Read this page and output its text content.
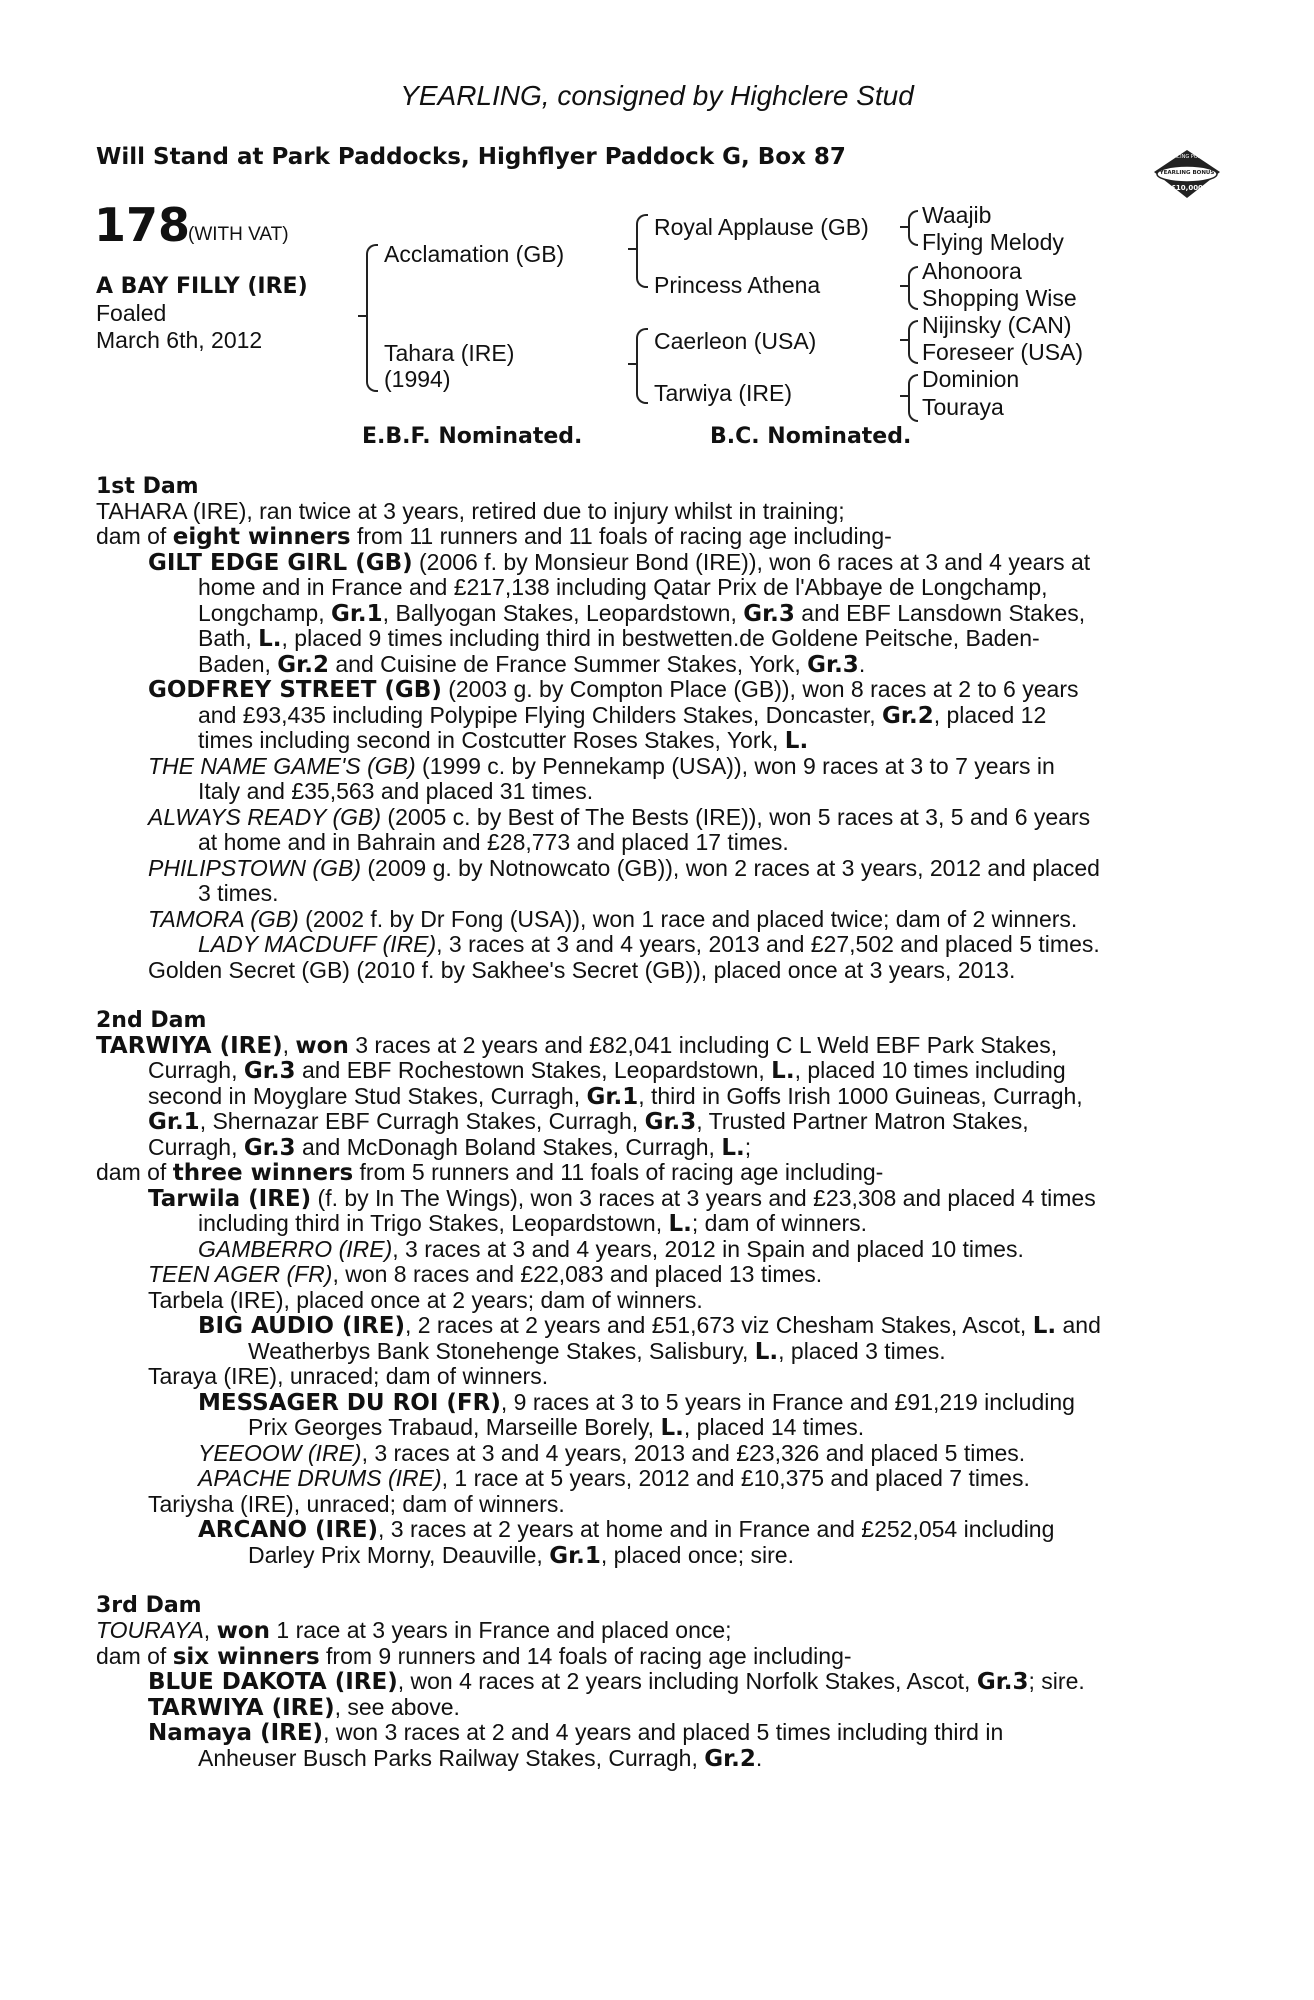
YEARLING, consigned by Highclere Stud
Will Stand at Park Paddocks, Highflyer Paddock G, Box 87	RACING POST
YEARLING BONUS
£10,000
178
(WITH VAT)
A BAY FILLY (IRE)
Foaled
March 6th, 2012
Acclamation (GB)
Tahara (IRE)
(1994)
Royal Applause (GB)
Princess Athena
Caerleon (USA)
Tarwiya (IRE)
Waajib
Flying Melody
Ahonoora
Shopping Wise
Nijinsky (CAN)
Foreseer (USA)
Dominion
Touraya
E.B.F. Nominated.	B.C. Nominated.
1st Dam
TAHARA (IRE), ran twice at 3 years, retired due to injury whilst in training;
dam of eight winners from 11 runners and 11 foals of racing age including-
GILT EDGE GIRL (GB) (2006 f. by Monsieur Bond (IRE)), won 6 races at 3 and 4 years at
home and in France and £217,138 including Qatar Prix de l'Abbaye de Longchamp,
Longchamp, Gr.1, Ballyogan Stakes, Leopardstown, Gr.3 and EBF Lansdown Stakes,
Bath, L., placed 9 times including third in bestwetten.de Goldene Peitsche, Baden-
Baden, Gr.2 and Cuisine de France Summer Stakes, York, Gr.3.
GODFREY STREET (GB) (2003 g. by Compton Place (GB)), won 8 races at 2 to 6 years
and £93,435 including Polypipe Flying Childers Stakes, Doncaster, Gr.2, placed 12
times including second in Costcutter Roses Stakes, York, L.
THE NAME GAME'S (GB) (1999 c. by Pennekamp (USA)), won 9 races at 3 to 7 years in
Italy and £35,563 and placed 31 times.
ALWAYS READY (GB) (2005 c. by Best of The Bests (IRE)), won 5 races at 3, 5 and 6 years
at home and in Bahrain and £28,773 and placed 17 times.
PHILIPSTOWN (GB) (2009 g. by Notnowcato (GB)), won 2 races at 3 years, 2012 and placed
3 times.
TAMORA (GB) (2002 f. by Dr Fong (USA)), won 1 race and placed twice; dam of 2 winners.
LADY MACDUFF (IRE), 3 races at 3 and 4 years, 2013 and £27,502 and placed 5 times.
Golden Secret (GB) (2010 f. by Sakhee's Secret (GB)), placed once at 3 years, 2013.
2nd Dam
TARWIYA (IRE), won 3 races at 2 years and £82,041 including C L Weld EBF Park Stakes,
Curragh, Gr.3 and EBF Rochestown Stakes, Leopardstown, L., placed 10 times including
second in Moyglare Stud Stakes, Curragh, Gr.1, third in Goffs Irish 1000 Guineas, Curragh,
Gr.1, Shernazar EBF Curragh Stakes, Curragh, Gr.3, Trusted Partner Matron Stakes,
Curragh, Gr.3 and McDonagh Boland Stakes, Curragh, L.;
dam of three winners from 5 runners and 11 foals of racing age including-
Tarwila (IRE) (f. by In The Wings), won 3 races at 3 years and £23,308 and placed 4 times
including third in Trigo Stakes, Leopardstown, L.; dam of winners.
GAMBERRO (IRE), 3 races at 3 and 4 years, 2012 in Spain and placed 10 times.
TEEN AGER (FR), won 8 races and £22,083 and placed 13 times.
Tarbela (IRE), placed once at 2 years; dam of winners.
BIG AUDIO (IRE), 2 races at 2 years and £51,673 viz Chesham Stakes, Ascot, L. and
Weatherbys Bank Stonehenge Stakes, Salisbury, L., placed 3 times.
Taraya (IRE), unraced; dam of winners.
MESSAGER DU ROI (FR), 9 races at 3 to 5 years in France and £91,219 including
Prix Georges Trabaud, Marseille Borely, L., placed 14 times.
YEEOOW (IRE), 3 races at 3 and 4 years, 2013 and £23,326 and placed 5 times.
APACHE DRUMS (IRE), 1 race at 5 years, 2012 and £10,375 and placed 7 times.
Tariysha (IRE), unraced; dam of winners.
ARCANO (IRE), 3 races at 2 years at home and in France and £252,054 including
Darley Prix Morny, Deauville, Gr.1, placed once; sire.
3rd Dam
TOURAYA, won 1 race at 3 years in France and placed once;
dam of six winners from 9 runners and 14 foals of racing age including-
BLUE DAKOTA (IRE), won 4 races at 2 years including Norfolk Stakes, Ascot, Gr.3; sire.
TARWIYA (IRE), see above.
Namaya (IRE), won 3 races at 2 and 4 years and placed 5 times including third in
Anheuser Busch Parks Railway Stakes, Curragh, Gr.2.
